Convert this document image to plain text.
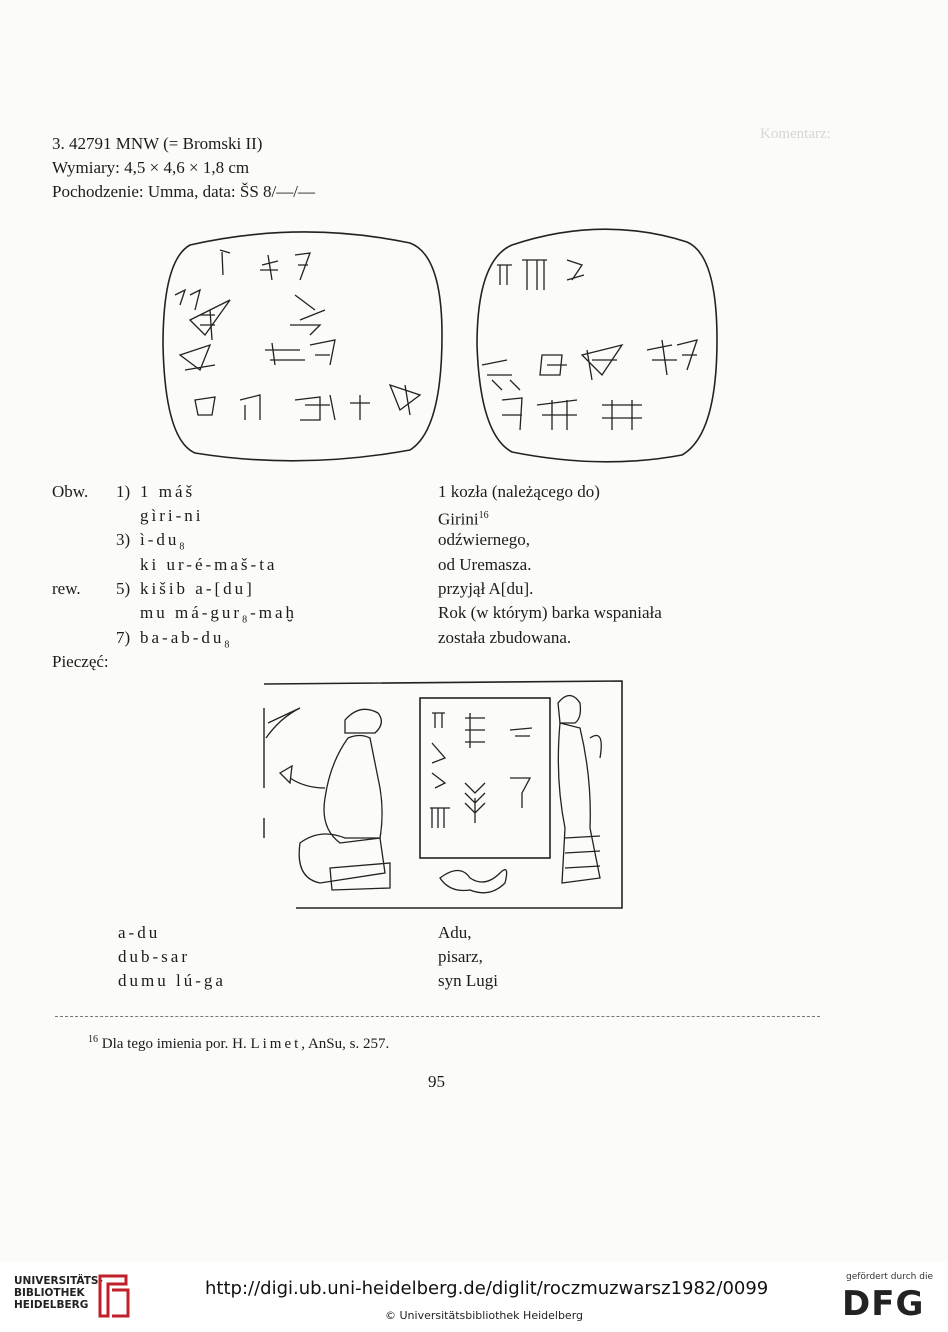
Komentarz:
3. 42791 MNW (= Bromski II)
Wymiary: 4,5 × 4,6 × 1,8 cm
Pochodzenie: Umma, data: ŠS 8/—/—
Obw.
rew.
Pieczęć:
1) 1 máš	1 kozła (należącego do)
gìri-ni	Girini$^{16}$
3) $ì-du_8$	odźwiernego,
ki ur-é-maš-ta	od Uremasza.
5) kišib a-[du]	przyjął A[du].
mu má-gur$_8$-maḫ	Rok (w którym) barka wspaniała
7) $ba-ab-du_8$	została zbudowana.
a-du	Adu,
dub-sar	pisarz,
dumu lú-ga	syn Lugi
$^{16}$ Dla tego imienia por. H. Limet, AnSu, s. 257.
95
UNIVERSITÄTS-
BIBLIOTHEK
HEIDELBERG
http://digi.ub.uni-heidelberg.de/diglit/roczmuzwarsz1982/0099
© Universitätsbibliothek Heidelberg
gefördert durch die
DFG
